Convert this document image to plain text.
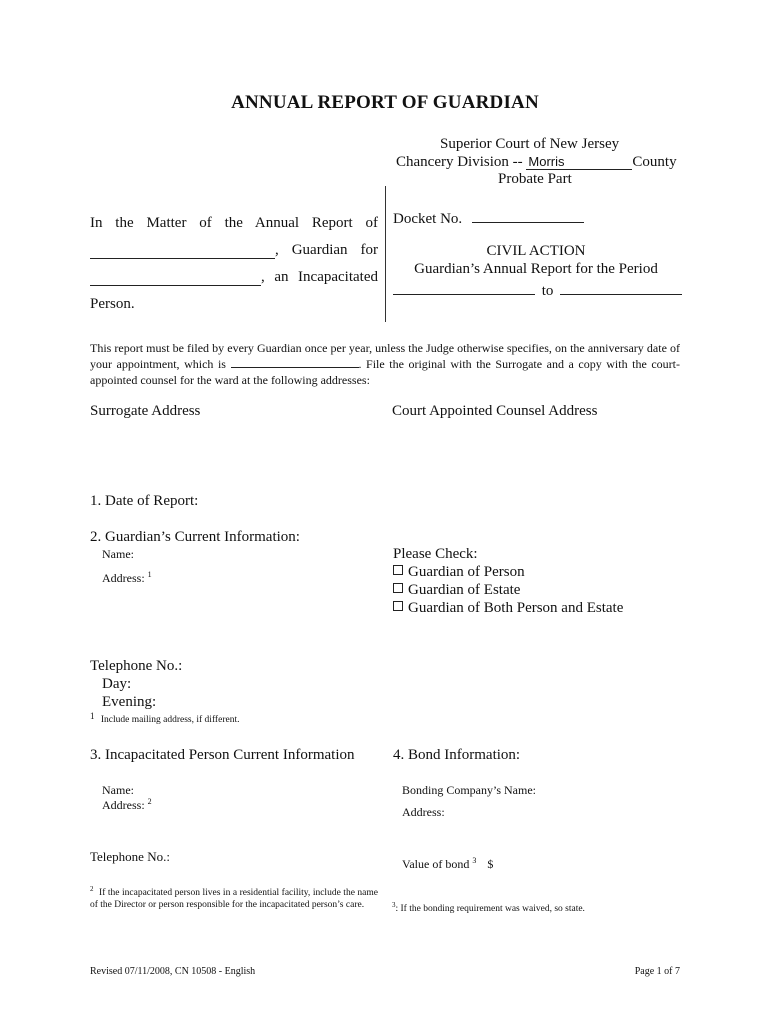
ANNUAL REPORT OF GUARDIAN
Superior Court of New Jersey
Chancery Division -- Morris	County
Probate Part
In the Matter of the Annual Report of
, Guardian for
, an Incapacitated
Person.
Docket No.
CIVIL ACTION
Guardian’s Annual Report for the Period
to
This report must be filed by every Guardian once per year, unless the Judge otherwise specifies, on the anniversary date of your appointment, which is	. File the original with the Surrogate and a copy with the court-appointed counsel for the ward at the following addresses:
Surrogate Address	Court Appointed Counsel Address
1. Date of Report:
2. Guardian’s Current Information:
Name:
Address: $^1$
Please Check:
Guardian of Person
Guardian of Estate
Guardian of Both Person and Estate
Telephone No.:
Day:
Evening:
1 Include mailing address, if different.
3. Incapacitated Person Current Information
Name:
Address: $^2$
Telephone No.:
$^2$ If the incapacitated person lives in a residential facility, include the name of the Director or person responsible for the incapacitated person’s care.
4. Bond Information:
Bonding Company’s Name:
Address:
Value of bond $^3$ $
$^3$: If the bonding requirement was waived, so state.
Revised 07/11/2008, CN 10508 - English	Page 1 of 7
